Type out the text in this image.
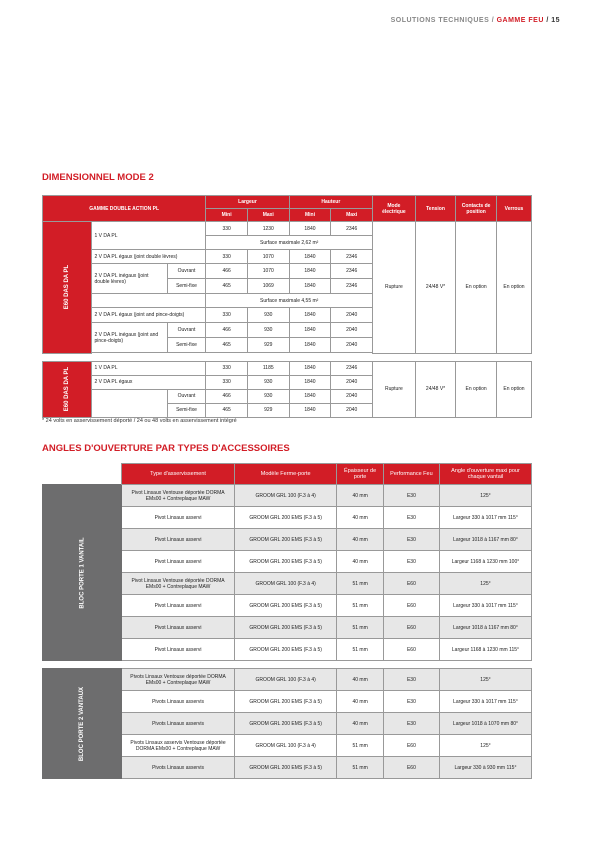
SOLUTIONS TECHNIQUES / GAMME FEU / 15
DIMENSIONNEL MODE 2
GAMME DOUBLE ACTION PL			Largeur		Hauteur		Mode électrique	Tension	Contacts de position	Verrous
			Mini	Maxi	Mini	Maxi				
E60 DAS DA PL	1 V DA PL		330	1230	1840	2346	Rupture	24/48 V*	En option	En option
			Surface maximale 2,62 m²							
	2 V DA PL égaux (joint double lèvres)		330	1070	1840	2346				
	2 V DA PL inégaux (joint double lèvres)	Ouvrant	466	1070	1840	2346				
		Semi-fixe	465	1069	1840	2346				
			Surface maximale 4,55 m²							
	2 V DA PL égaux (joint and pince-doigts)		330	930	1840	2040				
	2 V DA PL inégaux (joint and pince-doigts)	Ouvrant	466	930	1840	2040				
		Semi-fixe	465	929	1840	2040				

E60 DAS DA PL	1 V DA PL		330	1185	1840	2346	Rupture	24/48 V*	En option	En option
	2 V DA PL égaux		330	930	1840	2040				
		Ouvrant	466	930	1840	2040				
		Semi-fixe	465	929	1840	2040				
* 24 volts en asservissement déporté / 24 ou 48 volts en asservissement intégré
ANGLES D'OUVERTURE PAR TYPES D'ACCESSOIRES
	Type d'asservissement	Modèle Ferme-porte	Épaisseur de porte	Performance Feu	Angle d'ouverture maxi pour chaque vantail
BLOC PORTE 1 VANTAIL	Pivot Linsaux Ventouse déportée DORMA EMs00 + Contreplaque MAW	GROOM GRL 100 (F.3 à 4)	40 mm	E30	125°
	Pivot Linsaux asservi	GROOM GRL 200 EMS (F.3 à 5)	40 mm	E30	Largeur 330 à 1017 mm 115°
	Pivot Linsaux asservi	GROOM GRL 200 EMS (F.3 à 5)	40 mm	E30	Largeur 1018 à 1167 mm 80°
	Pivot Linsaux asservi	GROOM GRL 200 EMS (F.3 à 5)	40 mm	E30	Largeur 1168 à 1230 mm 100°
	Pivot Linsaux Ventouse déportée DORMA EMs00 + Contreplaque MAW	GROOM GRL 100 (F.3 à 4)	51 mm	E60	125°
	Pivot Linsaux asservi	GROOM GRL 200 EMS (F.3 à 5)	51 mm	E60	Largeur 330 à 1017 mm 115°
	Pivot Linsaux asservi	GROOM GRL 200 EMS (F.3 à 5)	51 mm	E60	Largeur 1018 à 1167 mm 80°
	Pivot Linsaux asservi	GROOM GRL 200 EMS (F.3 à 5)	51 mm	E60	Largeur 1168 à 1230 mm 115°

BLOC PORTE 2 VANTAUX	Pivots Linsaux Ventouse déportée DORMA EMs00 + Contreplaque MAW	GROOM GRL 100 (F.3 à 4)	40 mm	E30	125°
	Pivots Linsaux asservis	GROOM GRL 200 EMS (F.3 à 5)	40 mm	E30	Largeur 330 à 1017 mm 115°
	Pivots Linsaux asservis	GROOM GRL 200 EMS (F.3 à 5)	40 mm	E30	Largeur 1018 à 1070 mm 80°
	Pivots Linsaux asservis Ventouse déportée DORMA EMs00 + Contreplaque MAW	GROOM GRL 100 (F.3 à 4)	51 mm	E60	125°
	Pivots Linsaux asservis	GROOM GRL 200 EMS (F.3 à 5)	51 mm	E60	Largeur 330 à 930 mm 115°
